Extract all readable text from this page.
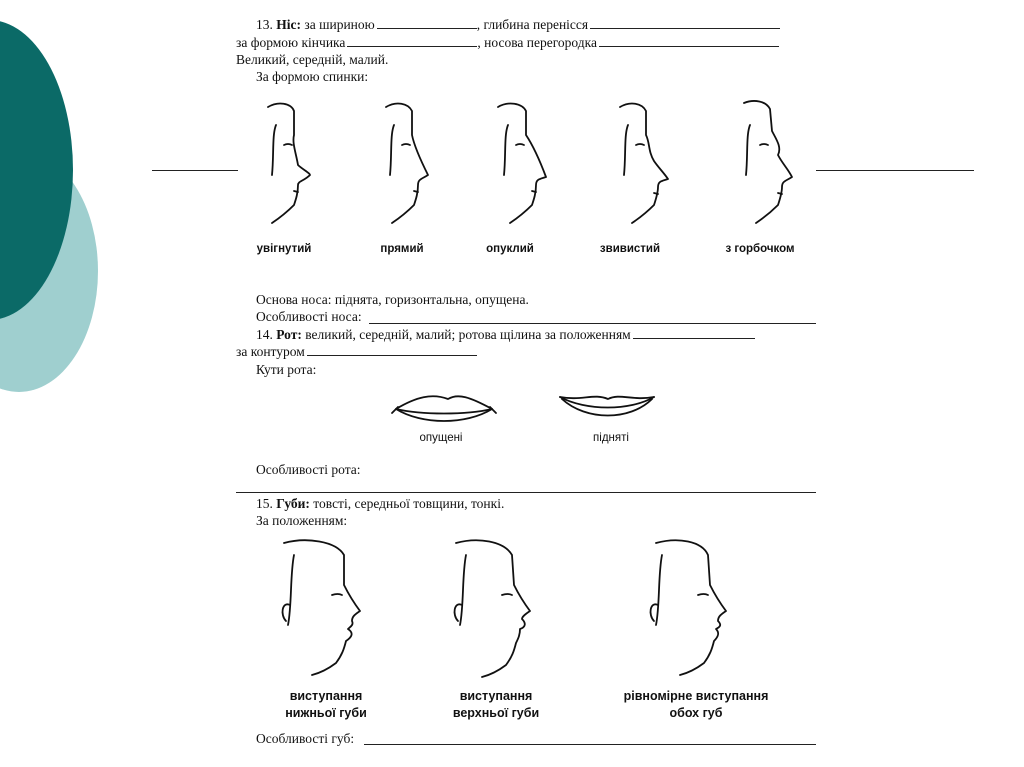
13. Ніс: за шириною	, глибина перенісся
за формою кінчика	, носова перегородка
Великий, середній, малий.
За формою спинки:
увігнутий	прямий	опуклий	звивистий	з горбочком
Основа носа: піднята, горизонтальна, опущена.
Особливості носа:
14. Рот: великий, середній, малий; ротова щілина за положенням
за контуром
Кути рота:
опущені	підняті
Особливості рота:
15. Губи: товсті, середньої товщини, тонкі.
За положенням:
виступання
нижньої губи
виступання
верхньої губи
рівномірне виступання
обох губ
Особливості губ:
